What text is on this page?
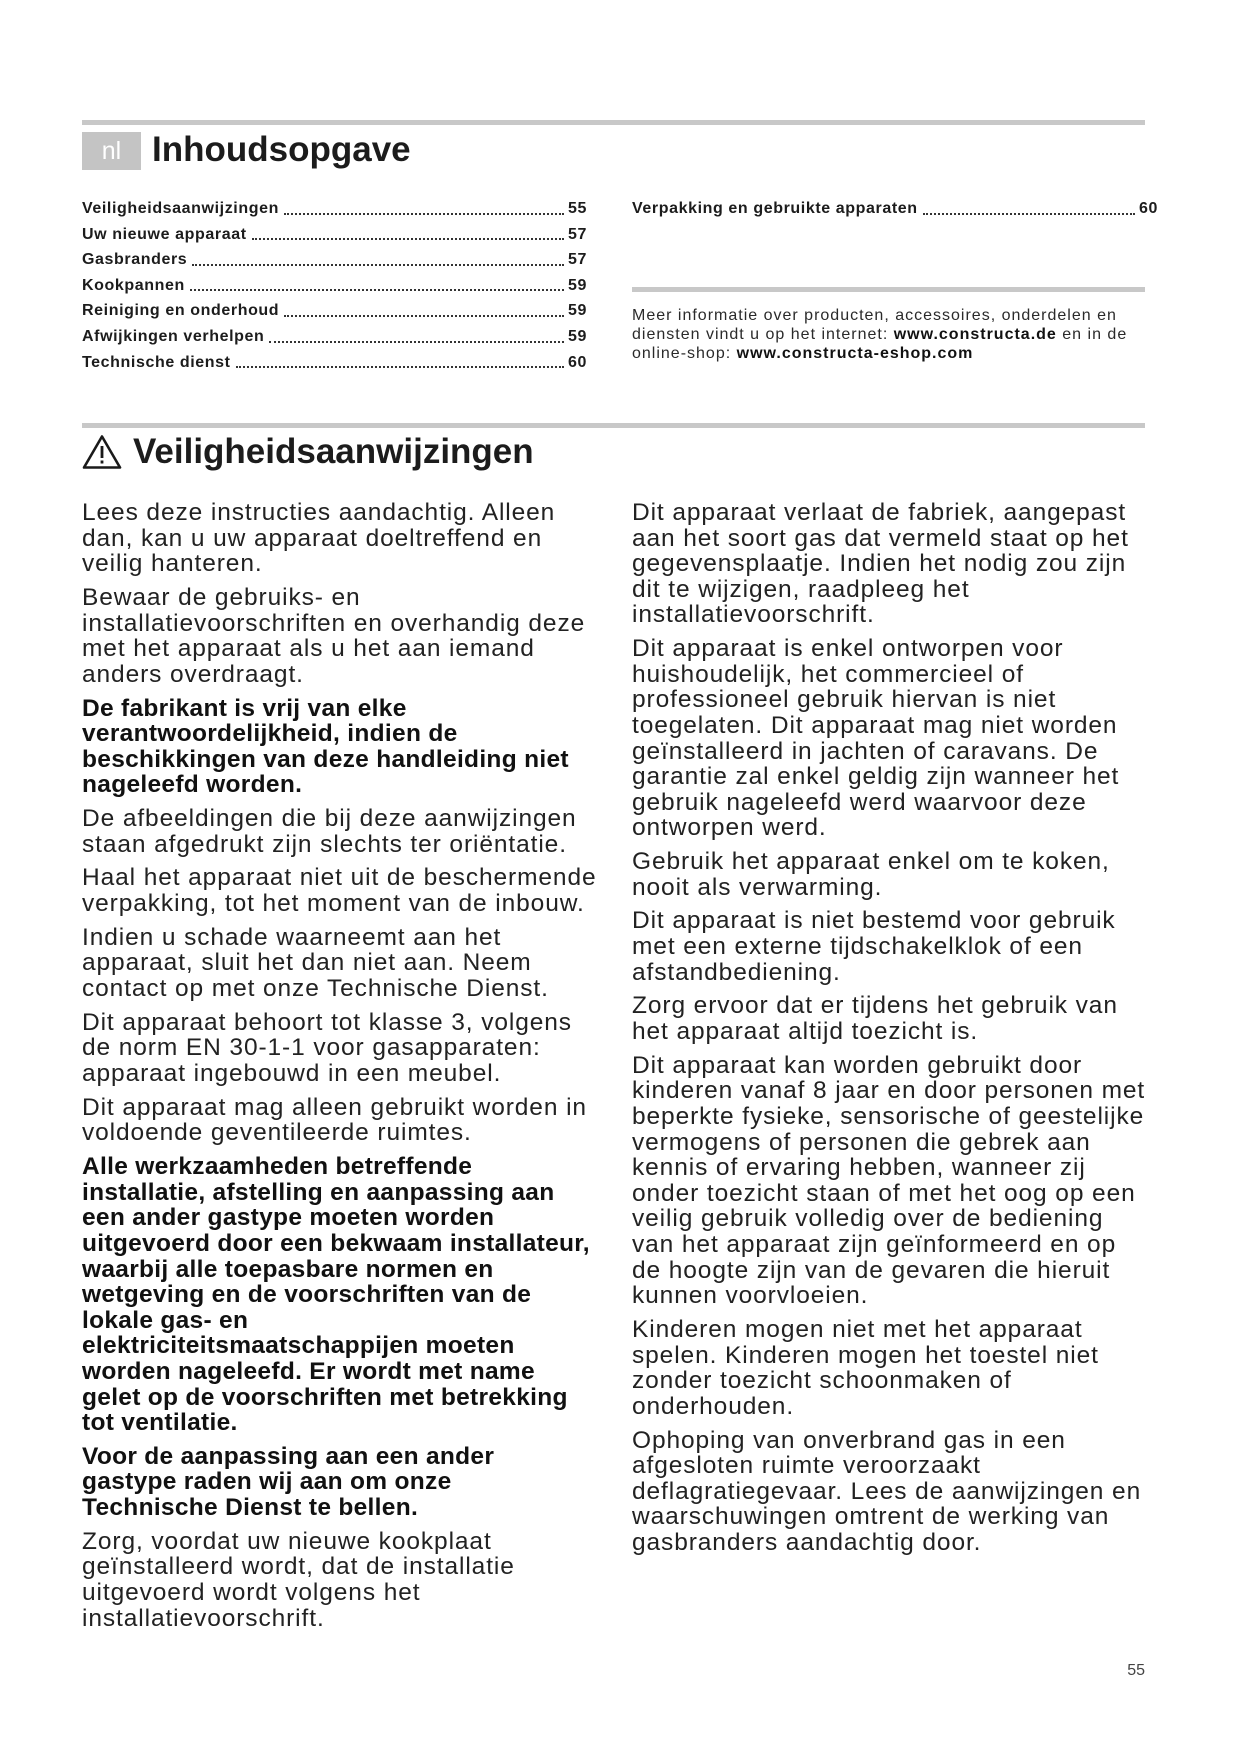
nl Inhoudsopgave
Veiligheidsaanwijzingen	55
Uw nieuwe apparaat	57
Gasbranders	57
Kookpannen	59
Reiniging en onderhoud	59
Afwijkingen verhelpen	59
Technische dienst	60
Verpakking en gebruikte apparaten	60
Meer informatie over producten, accessoires, onderdelen en
diensten vindt u op het internet: www.constructa.de en in de
online-shop: www.constructa-eshop.com
Veiligheidsaanwijzingen

Lees deze instructies aandachtig. Alleen
dan, kan u uw apparaat doeltreffend en
veilig hanteren.

Bewaar de gebruiks- en
installatievoorschriften en overhandig deze
met het apparaat als u het aan iemand
anders overdraagt.

De fabrikant is vrij van elke
verantwoordelijkheid, indien de
beschikkingen van deze handleiding niet
nageleefd worden.

De afbeeldingen die bij deze aanwijzingen
staan afgedrukt zijn slechts ter oriëntatie.

Haal het apparaat niet uit de beschermende
verpakking, tot het moment van de inbouw.

Indien u schade waarneemt aan het
apparaat, sluit het dan niet aan. Neem
contact op met onze Technische Dienst.

Dit apparaat behoort tot klasse 3, volgens
de norm EN 30-1-1 voor gasapparaten:
apparaat ingebouwd in een meubel.

Dit apparaat mag alleen gebruikt worden in
voldoende geventileerde ruimtes.

Alle werkzaamheden betreffende
installatie, afstelling en aanpassing aan
een ander gastype moeten worden
uitgevoerd door een bekwaam installateur,
waarbij alle toepasbare normen en
wetgeving en de voorschriften van de
lokale gas- en
elektriciteitsmaatschappijen moeten
worden nageleefd. Er wordt met name
gelet op de voorschriften met betrekking
tot ventilatie.

Voor de aanpassing aan een ander
gastype raden wij aan om onze
Technische Dienst te bellen.

Zorg, voordat uw nieuwe kookplaat
geïnstalleerd wordt, dat de installatie
uitgevoerd wordt volgens het
installatievoorschrift.

Dit apparaat verlaat de fabriek, aangepast
aan het soort gas dat vermeld staat op het
gegevensplaatje. Indien het nodig zou zijn
dit te wijzigen, raadpleeg het
installatievoorschrift.

Dit apparaat is enkel ontworpen voor
huishoudelijk, het commercieel of
professioneel gebruik hiervan is niet
toegelaten. Dit apparaat mag niet worden
geïnstalleerd in jachten of caravans. De
garantie zal enkel geldig zijn wanneer het
gebruik nageleefd werd waarvoor deze
ontworpen werd.

Gebruik het apparaat enkel om te koken,
nooit als verwarming.

Dit apparaat is niet bestemd voor gebruik
met een externe tijdschakelklok of een
afstandbediening.

Zorg ervoor dat er tijdens het gebruik van
het apparaat altijd toezicht is.

Dit apparaat kan worden gebruikt door
kinderen vanaf 8 jaar en door personen met
beperkte fysieke, sensorische of geestelijke
vermogens of personen die gebrek aan
kennis of ervaring hebben, wanneer zij
onder toezicht staan of met het oog op een
veilig gebruik volledig over de bediening
van het apparaat zijn geïnformeerd en op
de hoogte zijn van de gevaren die hieruit
kunnen voorvloeien.

Kinderen mogen niet met het apparaat
spelen. Kinderen mogen het toestel niet
zonder toezicht schoonmaken of
onderhouden.

Ophoping van onverbrand gas in een
afgesloten ruimte veroorzaakt
deflagratiegevaar. Lees de aanwijzingen en
waarschuwingen omtrent de werking van
gasbranders aandachtig door.

55
